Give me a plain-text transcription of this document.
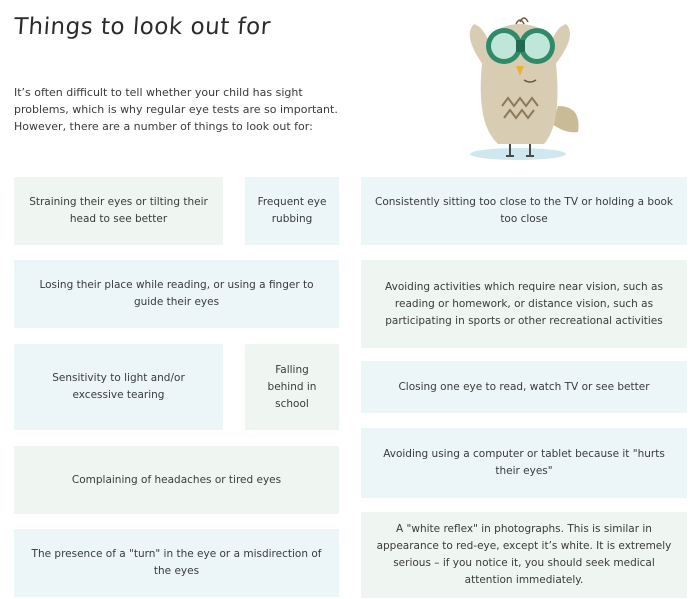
Things to look out for

It’s often difficult to tell whether your child has sight problems, which is why regular eye tests are so important. However, there are a number of things to look out for:

Straining their eyes or tilting their head to see better
Frequent eye rubbing
Consistently sitting too close to the TV or holding a book too close
Losing their place while reading, or using a finger to guide their eyes
Avoiding activities which require near vision, such as reading or homework, or distance vision, such as participating in sports or other recreational activities
Sensitivity to light and/or excessive tearing
Falling behind in school
Closing one eye to read, watch TV or see better
Avoiding using a computer or tablet because it "hurts their eyes"
Complaining of headaches or tired eyes
The presence of a "turn" in the eye or a misdirection of the eyes
A "white reflex" in photographs. This is similar in appearance to red-eye, except it’s white. It is extremely serious – if you notice it, you should seek medical attention immediately.
